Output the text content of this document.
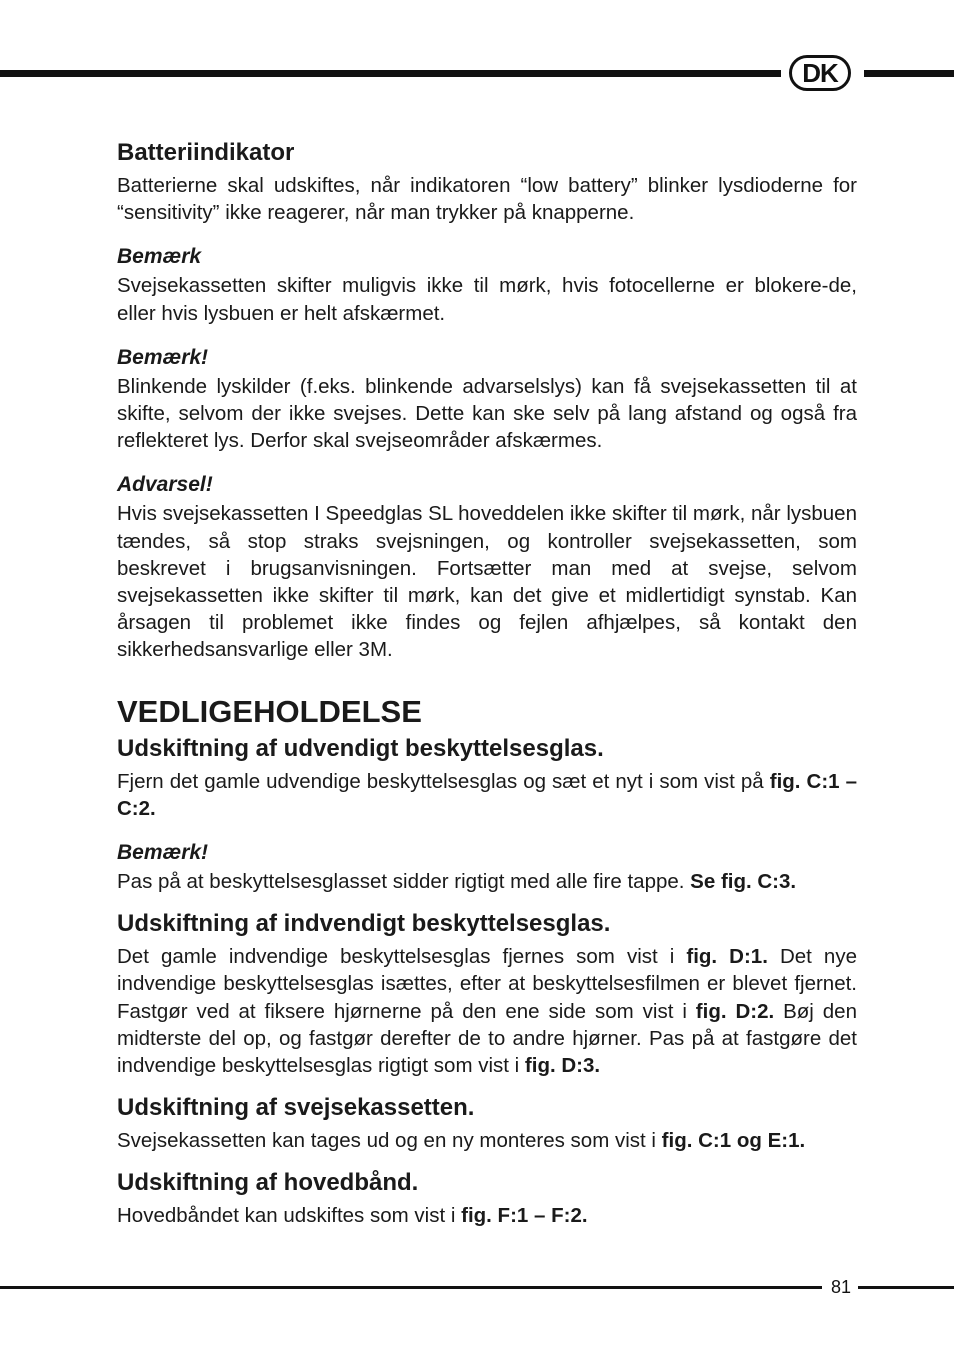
DK
Batteriindikator

Batterierne skal udskiftes, når indikatoren “low battery” blinker lysdioderne for “sensitivity” ikke reagerer, når man trykker på knapperne.

Bemærk

Svejsekassetten skifter muligvis ikke til mørk, hvis fotocellerne er blokere-de, eller hvis lysbuen er helt afskærmet.

Bemærk!

Blinkende lyskilder (f.eks. blinkende advarselslys) kan få svejsekassetten til at skifte, selvom der ikke svejses. Dette kan ske selv på lang afstand og også fra reflekteret lys. Derfor skal svejseområder afskærmes.

Advarsel!

Hvis svejsekassetten I Speedglas SL hoveddelen ikke skifter til mørk, når lysbuen tændes, så stop straks svejsningen, og kontroller svejsekassetten, som beskrevet i brugsanvisningen. Fortsætter man med at svejse, selvom svejsekassetten ikke skifter til mørk, kan det give et midlertidigt synstab. Kan årsagen til problemet ikke findes og fejlen afhjælpes, så kontakt den sikkerhedsansvarlige eller 3M.

VEDLIGEHOLDELSE
Udskiftning af udvendigt beskyttelsesglas.

Fjern det gamle udvendige beskyttelsesglas og sæt et nyt i som vist på fig. C:1 – C:2.

Bemærk!

Pas på at beskyttelsesglasset sidder rigtigt med alle fire tappe. Se fig. C:3.

Udskiftning af indvendigt beskyttelsesglas.

Det gamle indvendige beskyttelsesglas fjernes som vist i fig. D:1. Det nye indvendige beskyttelsesglas isættes, efter at beskyttelsesfilmen er blevet fjernet. Fastgør ved at fiksere hjørnerne på den ene side som vist i fig. D:2. Bøj den midterste del op, og fastgør derefter de to andre hjørner. Pas på at fastgøre det indvendige beskyttelsesglas rigtigt som vist i fig. D:3.

Udskiftning af svejsekassetten.

Svejsekassetten kan tages ud og en ny monteres som vist i fig. C:1 og E:1.

Udskiftning af hovedbånd.

Hovedbåndet kan udskiftes som vist i fig. F:1 – F:2.

81
